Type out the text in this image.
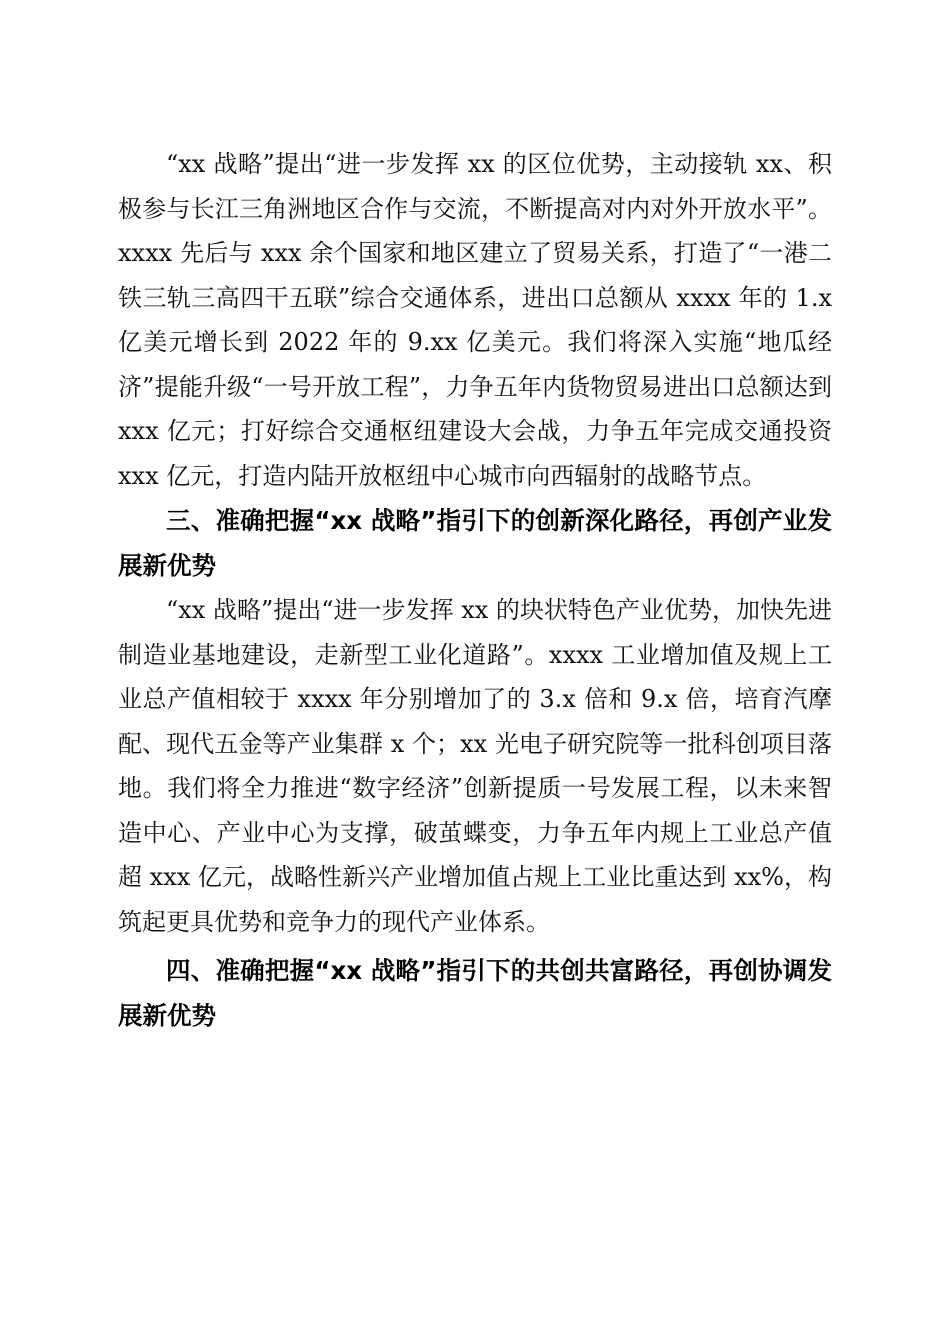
“xx 战略”提出“进一步发挥 xx 的区位优势，主动接轨 xx、积极参与长江三角洲地区合作与交流，不断提高对内对外开放水平”。xxxx 先后与 xxx 余个国家和地区建立了贸易关系，打造了“一港二铁三轨三高四干五联”综合交通体系，进出口总额从 xxxx 年的 1.x 亿美元增长到 2022 年的 9.xx 亿美元。我们将深入实施“地瓜经济”提能升级“一号开放工程”，力争五年内货物贸易进出口总额达到 xxx 亿元；打好综合交通枢纽建设大会战，力争五年完成交通投资 xxx 亿元，打造内陆开放枢纽中心城市向西辐射的战略节点。

三、准确把握“xx 战略”指引下的创新深化路径，再创产业发展新优势

“xx 战略”提出“进一步发挥 xx 的块状特色产业优势，加快先进制造业基地建设，走新型工业化道路”。xxxx 工业增加值及规上工业总产值相较于 xxxx 年分别增加了的 3.x 倍和 9.x 倍，培育汽摩配、现代五金等产业集群 x 个；xx 光电子研究院等一批科创项目落地。我们将全力推进“数字经济”创新提质一号发展工程，以未来智造中心、产业中心为支撑，破茧蝶变，力争五年内规上工业总产值超 xxx 亿元，战略性新兴产业增加值占规上工业比重达到 xx%，构筑起更具优势和竞争力的现代产业体系。

四、准确把握“xx 战略”指引下的共创共富路径，再创协调发展新优势
